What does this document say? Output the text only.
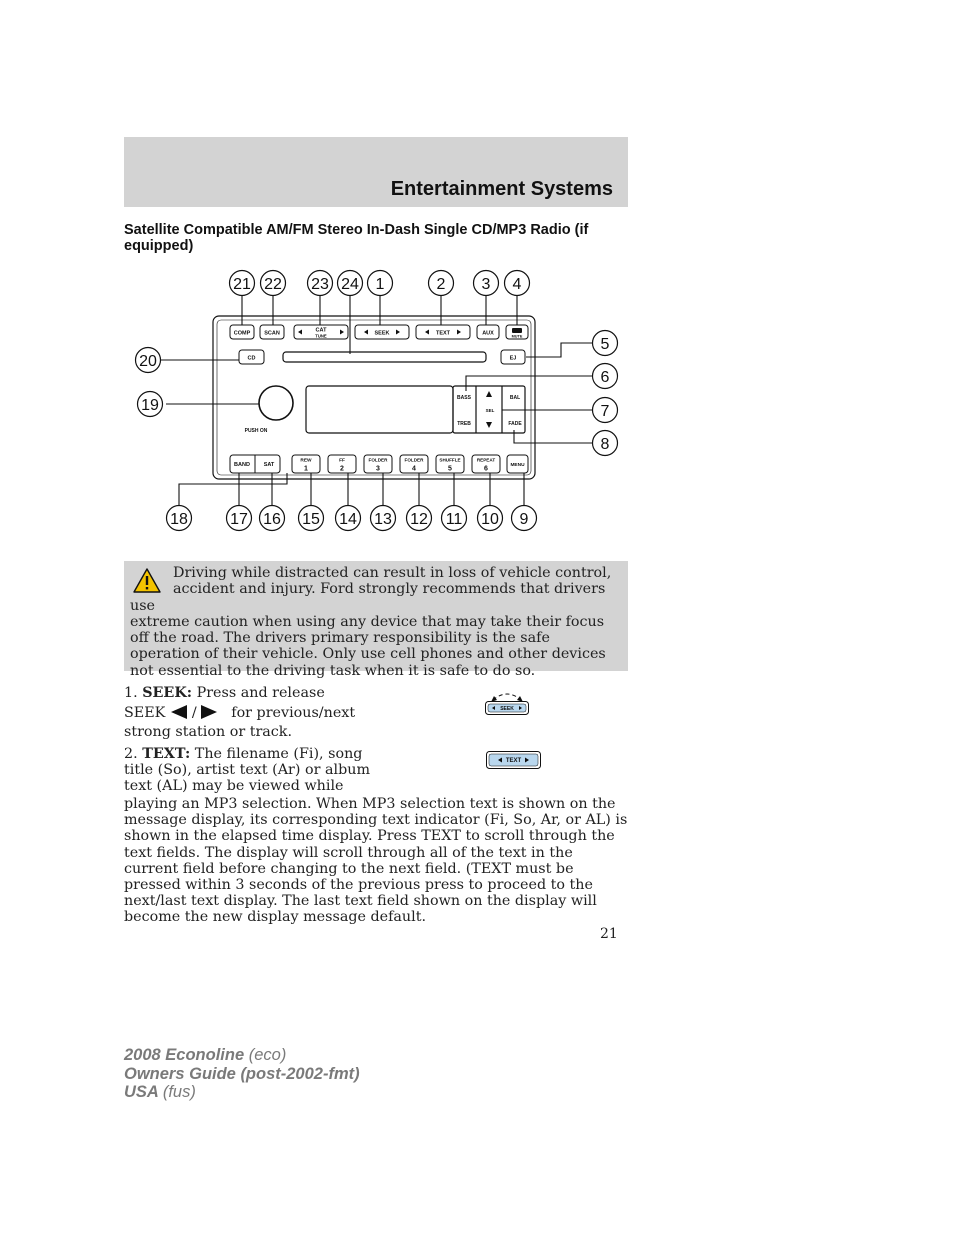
Entertainment Systems
Satellite Compatible AM/FM Stereo In-Dash Single CD/MP3 Radio (if equipped)
COMP	SCAN	CAT
TUNE	SEEK	TEXT	AUX	MUTE
CD	EJ
BASS
TREB
SEL
BAL
FADE
PUSH ON
BAND	SAT
REW	FF	FOLDER	FOLDER	SHUFFLE	REPEAT
MENU
1	2	3	4	5	6
21 22 23 24 1	2 3 4
5
6
7
8
20
19
18	17 16 15 14 13 12 11 10 9
Driving while distracted can result in loss of vehicle control,
accident and injury. Ford strongly recommends that drivers use
extreme caution when using any device that may take their focus off the road. The drivers primary responsibility is the safe operation of their vehicle. Only use cell phones and other devices not essential to the driving task when it is safe to do so.
1. SEEK: Press and release
SEEK / for previous/next strong station or track.
SEEK
2. TEXT: The filename (Fi), song title (So), artist text (Ar) or album text (AL) may be viewed while
TEXT
playing an MP3 selection. When MP3 selection text is shown on the message display, its corresponding text indicator (Fi, So, Ar, or AL) is shown in the elapsed time display. Press TEXT to scroll through the text fields. The display will scroll through all of the text in the current field before changing to the next field. (TEXT must be pressed within 3 seconds of the previous press to proceed to the next/last text display. The last text field shown on the display will become the new display message default.
21
2008 Econoline (eco)
Owners Guide (post-2002-fmt)
USA (fus)
